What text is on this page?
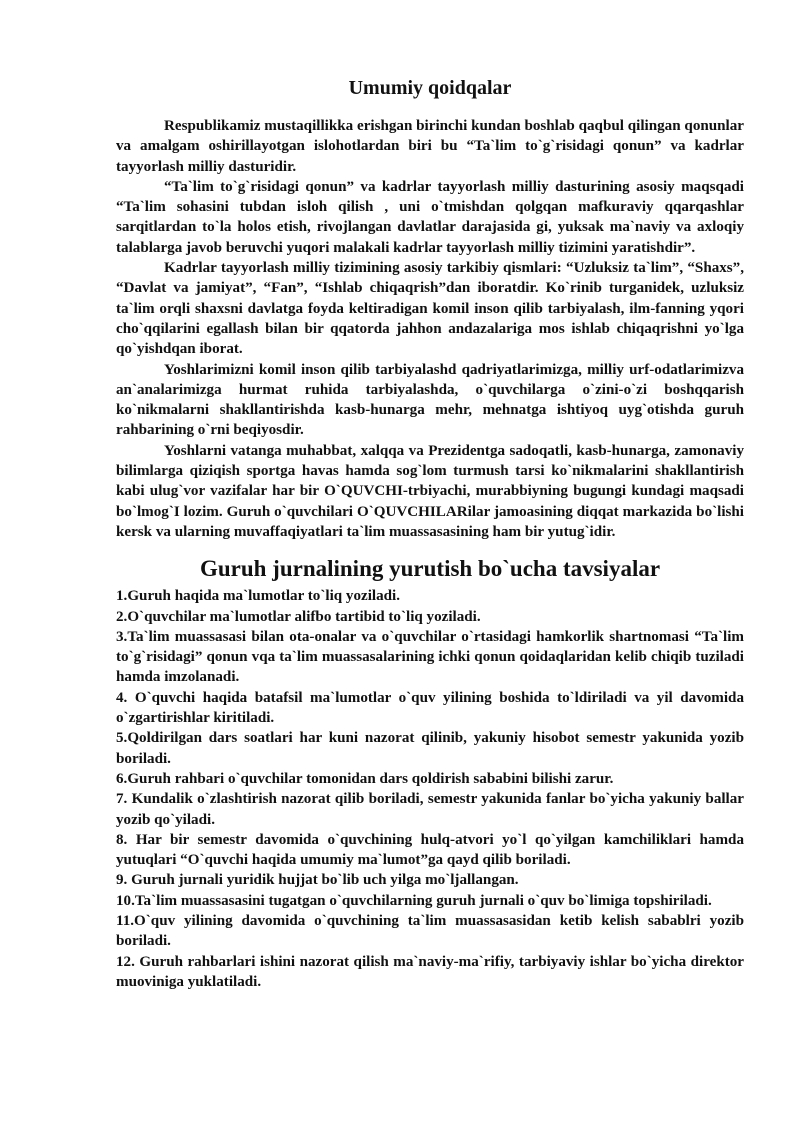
Umumiy qoidqalar

Respublikamiz mustaqillikka erishgan birinchi kundan boshlab qaqbul qilingan qonunlar va amalgam oshirillayotgan islohotlardan biri bu “Ta`lim to`g`risidagi qonun” va kadrlar tayyorlash milliy dasturidir.

“Ta`lim to`g`risidagi qonun” va kadrlar tayyorlash milliy dasturining asosiy maqsqadi “Ta`lim sohasini tubdan isloh qilish , uni o`tmishdan qolgqan mafkuraviy qqarqashlar sarqitlardan to`la holos etish, rivojlangan davlatlar darajasida gi, yuksak ma`naviy va axloqiy talablarga javob beruvchi yuqori malakali kadrlar tayyorlash milliy tizimini yaratishdir”.

Kadrlar tayyorlash milliy tizimining asosiy tarkibiy qismlari: “Uzluksiz ta`lim”, “Shaxs”, “Davlat va jamiyat”, “Fan”, “Ishlab chiqaqrish”dan iboratdir. Ko`rinib turganidek, uzluksiz ta`lim orqli shaxsni davlatga foyda keltiradigan komil inson qilib tarbiyalash, ilm-fanning yqori cho`qqilarini egallash bilan bir qqatorda jahhon andazalariga mos ishlab chiqaqrishni yo`lga qo`yishdqan iborat.

Yoshlarimizni komil inson qilib tarbiyalashd qadriyatlarimizga, milliy urf-odatlarimizva an`analarimizga hurmat ruhida tarbiyalashda, o`quvchilarga o`zini-o`zi boshqqarish ko`nikmalarni shakllantirishda kasb-hunarga mehr, mehnatga ishtiyoq uyg`otishda guruh rahbarining o`rni beqiyosdir.

Yoshlarni vatanga muhabbat, xalqqa va Prezidentga sadoqatli, kasb-hunarga, zamonaviy bilimlarga qiziqish sportga havas hamda sog`lom turmush tarsi ko`nikmalarini shakllantirish kabi ulug`vor vazifalar har bir O`QUVCHI-trbiyachi, murabbiyning bugungi kundagi maqsadi bo`lmog`I lozim. Guruh o`quvchilari O`QUVCHILARilar jamoasining diqqat markazida bo`lishi kersk va ularning muvaffaqiyatlari ta`lim muassasasining ham bir yutug`idir.

Guruh jurnalining yurutish bo`ucha tavsiyalar

1.Guruh haqida ma`lumotlar to`liq yoziladi.

2.O`quvchilar ma`lumotlar alifbo tartibid to`liq yoziladi.

3.Ta`lim muassasasi bilan ota-onalar va o`quvchilar o`rtasidagi hamkorlik shartnomasi “Ta`lim to`g`risidagi” qonun vqa ta`lim muassasalarining ichki qonun qoidaqlaridan kelib chiqib tuziladi hamda imzolanadi.

4. O`quvchi haqida batafsil ma`lumotlar o`quv yilining boshida to`ldiriladi va yil davomida o`zgartirishlar kiritiladi.

5.Qoldirilgan dars soatlari har kuni nazorat qilinib, yakuniy hisobot semestr yakunida yozib boriladi.

6.Guruh rahbari o`quvchilar tomonidan dars qoldirish sababini bilishi zarur.

7. Kundalik o`zlashtirish nazorat qilib boriladi, semestr yakunida fanlar bo`yicha yakuniy ballar yozib qo`yiladi.

8. Har bir semestr davomida o`quvchining hulq-atvori yo`l qo`yilgan kamchiliklari hamda yutuqlari “O`quvchi haqida umumiy ma`lumot”ga qayd qilib boriladi.

9. Guruh jurnali yuridik hujjat bo`lib uch yilga mo`ljallangan.

10.Ta`lim muassasasini tugatgan o`quvchilarning guruh jurnali o`quv bo`limiga topshiriladi.

11.O`quv yilining davomida o`quvchining ta`lim muassasasidan ketib kelish sabablri yozib boriladi.

12. Guruh rahbarlari ishini nazorat qilish ma`naviy-ma`rifiy, tarbiyaviy ishlar bo`yicha direktor muoviniga yuklatiladi.
